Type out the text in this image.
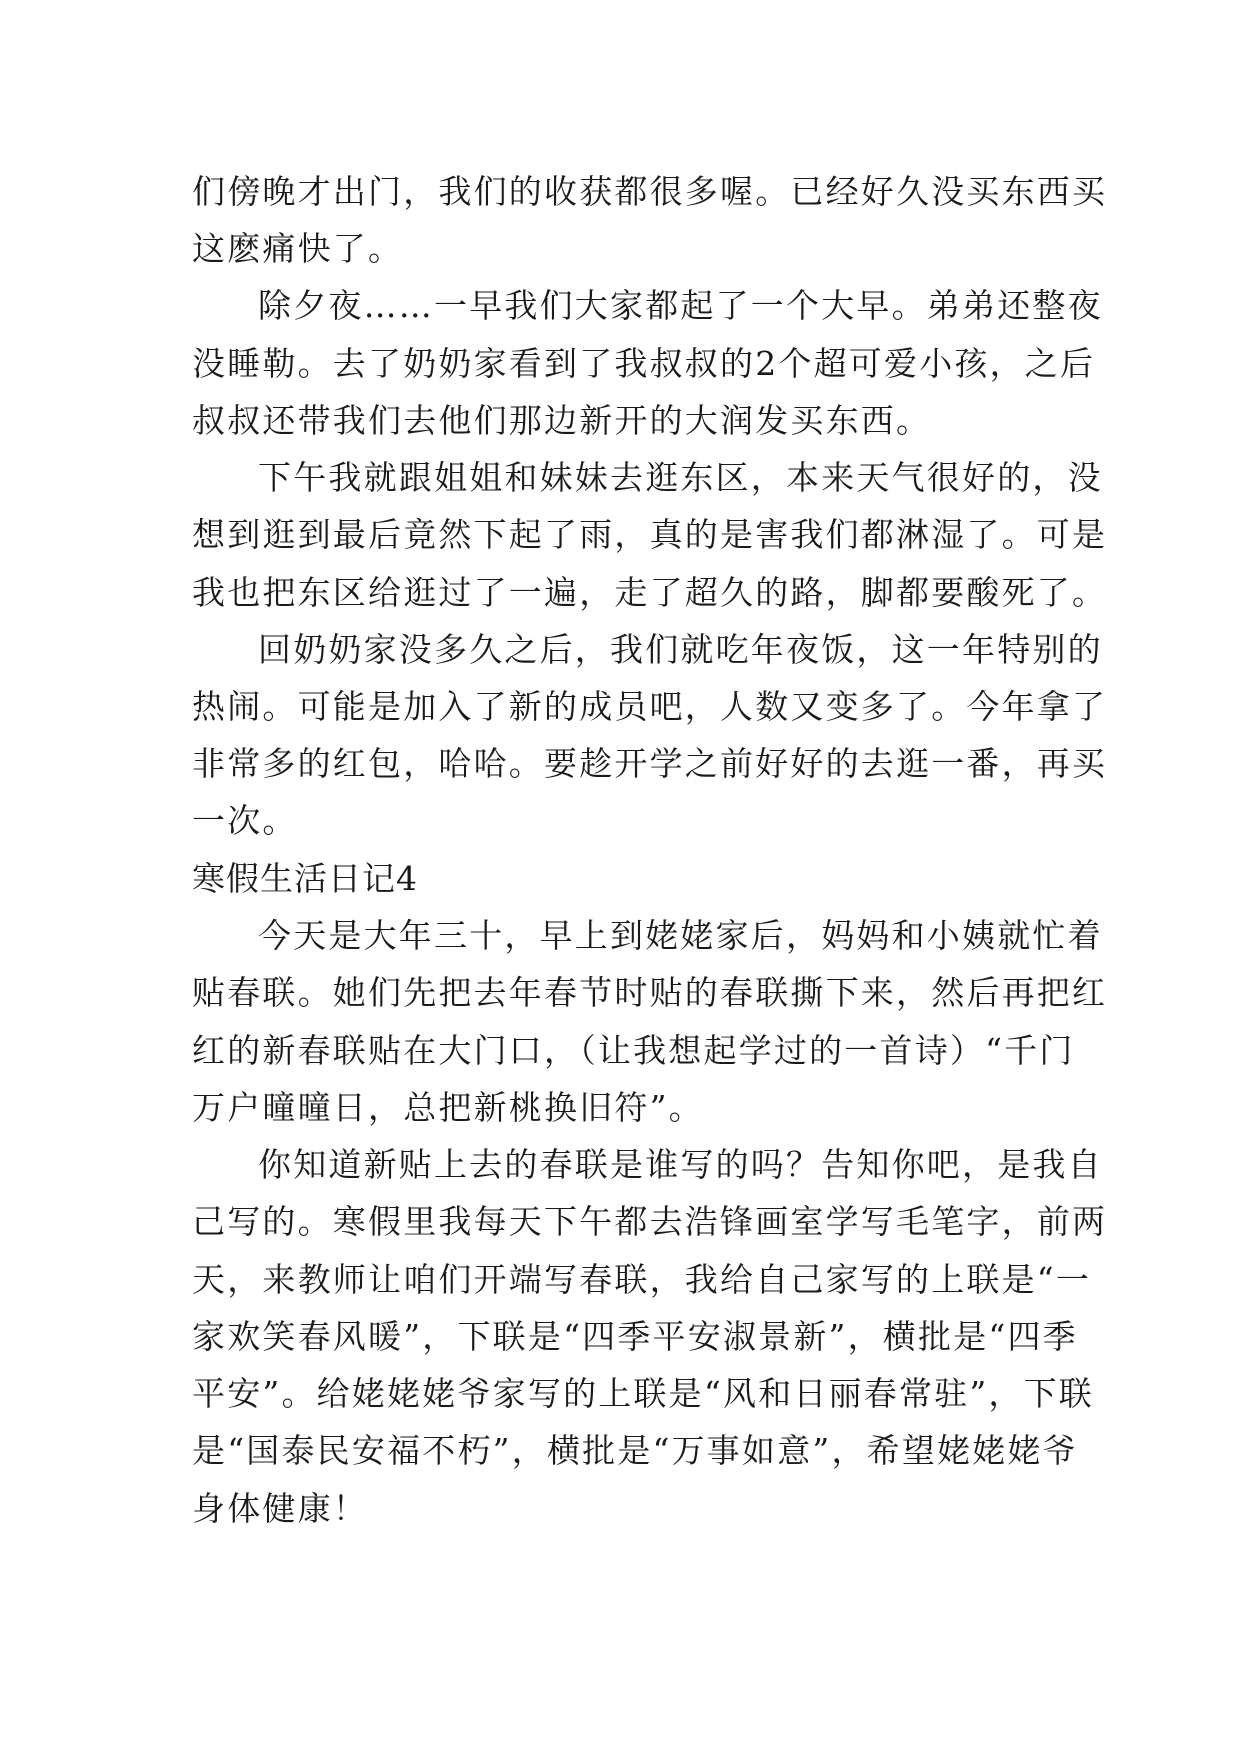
们傍晚才出门，我们的收获都很多喔。已经好久没买东西买
这麽痛快了。
除夕夜……一早我们大家都起了一个大早。弟弟还整夜
没睡勒。去了奶奶家看到了我叔叔的2个超可爱小孩，之后
叔叔还带我们去他们那边新开的大润发买东西。
下午我就跟姐姐和妹妹去逛东区，本来天气很好的，没
想到逛到最后竟然下起了雨，真的是害我们都淋湿了。可是
我也把东区给逛过了一遍，走了超久的路，脚都要酸死了。
回奶奶家没多久之后，我们就吃年夜饭，这一年特别的
热闹。可能是加入了新的成员吧，人数又变多了。今年拿了
非常多的红包，哈哈。要趁开学之前好好的去逛一番，再买
一次。
寒假生活日记4
今天是大年三十，早上到姥姥家后，妈妈和小姨就忙着
贴春联。她们先把去年春节时贴的春联撕下来，然后再把红
红的新春联贴在大门口，（让我想起学过的一首诗）“千门
万户曈曈日，总把新桃换旧符”。
你知道新贴上去的春联是谁写的吗？告知你吧，是我自
己写的。寒假里我每天下午都去浩锋画室学写毛笔字，前两
天，来教师让咱们开端写春联，我给自己家写的上联是“一
家欢笑春风暖”，下联是“四季平安淑景新”，横批是“四季
平安”。给姥姥姥爷家写的上联是“风和日丽春常驻”，下联
是“国泰民安福不朽”，横批是“万事如意”，希望姥姥姥爷
身体健康！
